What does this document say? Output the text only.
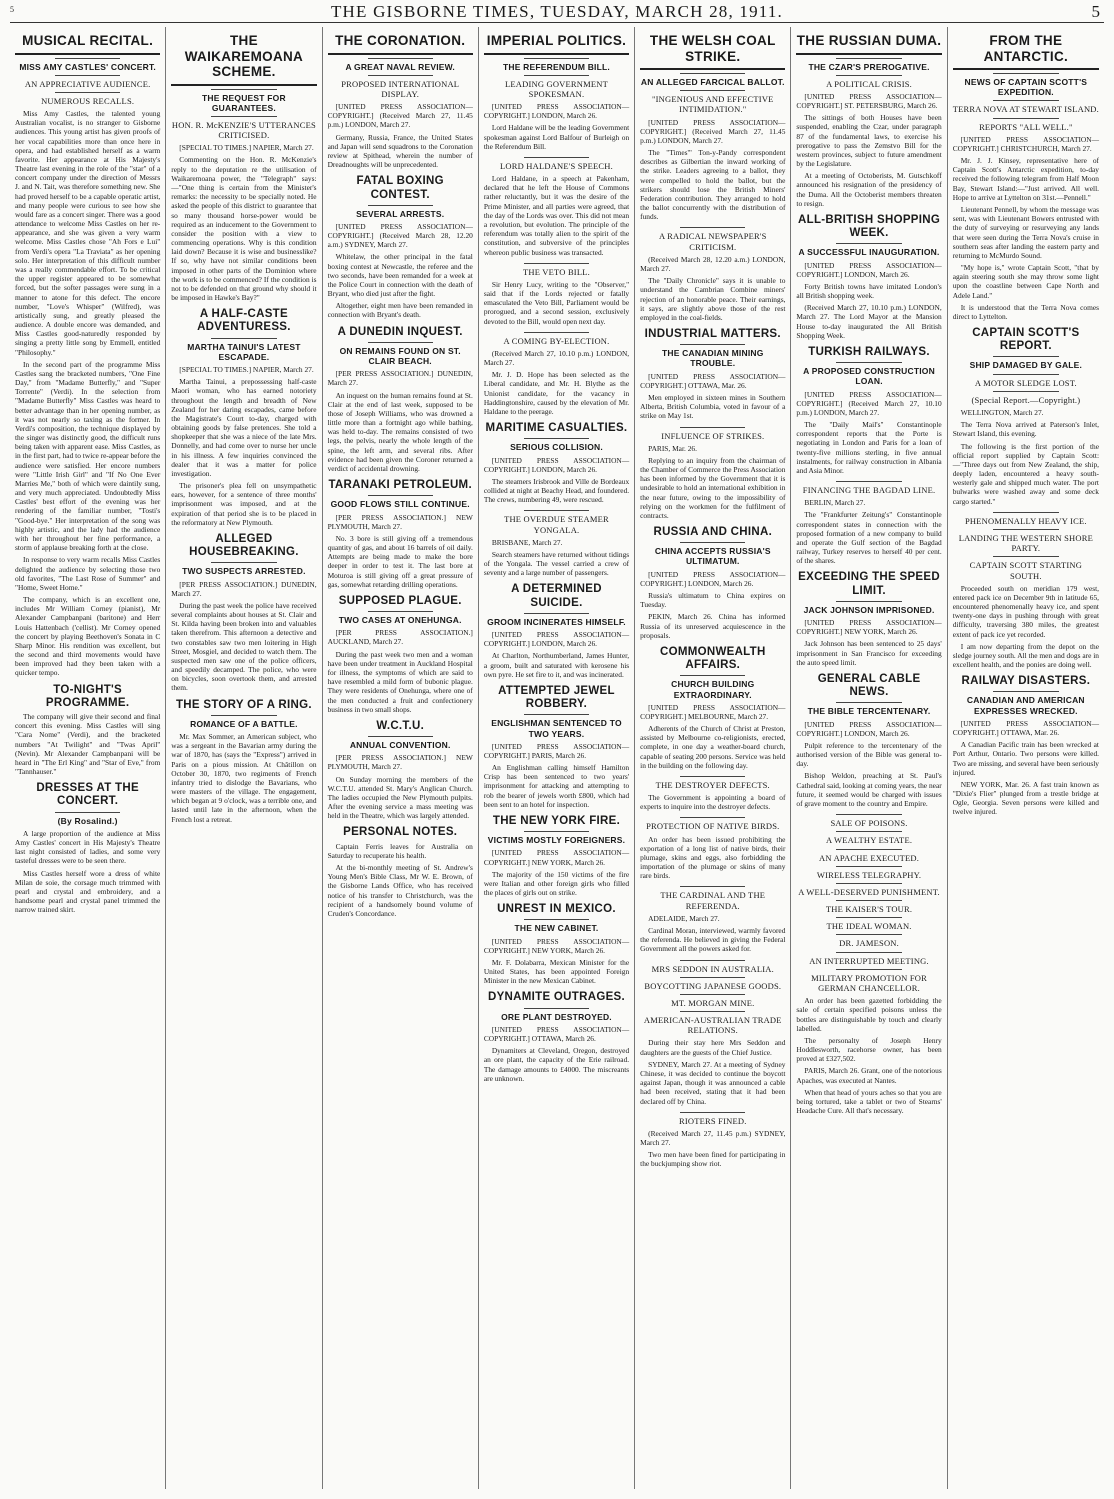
5	THE GISBORNE TIMES, TUESDAY, MARCH 28, 1911.	5
MUSICAL RECITAL.
MISS AMY CASTLES' CONCERT.
AN APPRECIATIVE AUDIENCE.
NUMEROUS RECALLS.

Miss Amy Castles, the talented young Australian vocalist, is no stranger to Gisborne audiences. This young artist has given proofs of her vocal capabilities more than once here in opera, and had established herself as a warm favorite. Her appearance at His Majesty's Theatre last evening in the role of the "star" of a concert company under the direction of Messrs J. and N. Tait, was therefore something new. She had proved herself to be a capable operatic artist, and many people were curious to see how she would fare as a concert singer. There was a good attendance to welcome Miss Castles on her re-appearance, and she was given a very warm welcome. Miss Castles chose "Ah Fors e Lui" from Verdi's opera "La Traviata" as her opening solo. Her interpretation of this difficult number was a really commendable effort. To be critical the upper register appeared to be somewhat forced, but the softer passages were sung in a manner to atone for this defect. The encore number, "Love's Whisper" (Wilfred), was artistically sung, and greatly pleased the audience. A double encore was demanded, and Miss Castles good-naturedly responded by singing a pretty little song by Emmell, entitled "Philosophy."

In the second part of the programme Miss Castles sang the bracketed numbers, "One Fine Day," from "Madame Butterfly," and "Super Torrente" (Verdi). In the selection from "Madame Butterfly" Miss Castles was heard to better advantage than in her opening number, as it was not nearly so taxing as the former. In Verdi's composition, the technique displayed by the singer was distinctly good, the difficult runs being taken with apparent ease. Miss Castles, as in the first part, had to twice re-appear before the audience were satisfied. Her encore numbers were "Little Irish Girl" and "If No One Ever Marries Me," both of which were daintily sung, and very much appreciated. Undoubtedly Miss Castles' best effort of the evening was her rendering of the familiar number, "Tosti's "Good-bye." Her interpretation of the song was highly artistic, and the lady had the audience with her throughout her fine performance, a storm of applause breaking forth at the close.

In response to very warm recalls Miss Castles delighted the audience by selecting those two old favorites, "The Last Rose of Summer" and "Home, Sweet Home."

The company, which is an excellent one, includes Mr William Corney (pianist), Mr Alexander Campbanpani (baritone) and Herr Louis Hattenbach ('cellist). Mr Corney opened the concert by playing Beethoven's Sonata in C Sharp Minor. His rendition was excellent, but the second and third movements would have been improved had they been taken with a quicker tempo.

TO-NIGHT'S PROGRAMME.

The company will give their second and final concert this evening. Miss Castles will sing "Cara Nome" (Verdi), and the bracketed numbers "At Twilight" and "Twas April" (Nevin). Mr Alexander Campbanpani will be heard in "The Erl King" and "Star of Eve," from "Tannhauser."

DRESSES AT THE CONCERT.
(By Rosalind.)

A large proportion of the audience at Miss Amy Castles' concert in His Majesty's Theatre last night consisted of ladies, and some very tasteful dresses were to be seen there.

Miss Castles herself wore a dress of white Milan de soie, the corsage much trimmed with pearl and crystal and embroidery, and a handsome pearl and crystal panel trimmed the narrow trained skirt.

THE WAIKAREMOANA SCHEME.
THE REQUEST FOR GUARANTEES.
HON. R. McKENZIE'S UTTERANCES CRITICISED.

[SPECIAL TO TIMES.] NAPIER, March 27.

Commenting on the Hon. R. McKenzie's reply to the deputation re the utilisation of Waikaremoana power, the "Telegraph" says:—"One thing is certain from the Minister's remarks: the necessity to be specially noted. He asked the people of this district to guarantee that so many thousand horse-power would be required as an inducement to the Government to consider the position with a view to commencing operations. Why is this condition laid down? Because it is wise and businesslike? If so, why have not similar conditions been imposed in other parts of the Dominion where the work is to be commenced? If the condition is not to be defended on that ground why should it be imposed in Hawke's Bay?"

A HALF-CASTE ADVENTURESS.
MARTHA TAINUI'S LATEST ESCAPADE.

[SPECIAL TO TIMES.] NAPIER, March 27.

Martha Tainui, a prepossessing half-caste Maori woman, who has earned notoriety throughout the length and breadth of New Zealand for her daring escapades, came before the Magistrate's Court to-day, charged with obtaining goods by false pretences. She told a shopkeeper that she was a niece of the late Mrs. Donnelly, and had come over to nurse her uncle in his illness. A few inquiries convinced the dealer that it was a matter for police investigation.

The prisoner's plea fell on unsympathetic ears, however, for a sentence of three months' imprisonment was imposed, and at the expiration of that period she is to be placed in the reformatory at New Plymouth.

ALLEGED HOUSEBREAKING.
TWO SUSPECTS ARRESTED.

[PER PRESS ASSOCIATION.] DUNEDIN, March 27.

During the past week the police have received several complaints about houses at St. Clair and St. Kilda having been broken into and valuables taken therefrom. This afternoon a detective and two constables saw two men loitering in High Street, Mosgiel, and decided to watch them. The suspected men saw one of the police officers, and speedily decamped. The police, who were on bicycles, soon overtook them, and arrested them.

THE STORY OF A RING.
ROMANCE OF A BATTLE.

Mr. Max Sommer, an American subject, who was a sergeant in the Bavarian army during the war of 1870, has (says the "Express") arrived in Paris on a pious mission. At Châtillon on October 30, 1870, two regiments of French infantry tried to dislodge the Bavarians, who were masters of the village. The engagement, which began at 9 o'clock, was a terrible one, and lasted until late in the afternoon, when the French lost a retreat.

THE CORONATION.
A GREAT NAVAL REVIEW.
PROPOSED INTERNATIONAL DISPLAY.

[UNITED PRESS ASSOCIATION—COPYRIGHT.] (Received March 27, 11.45 p.m.) LONDON, March 27.

Germany, Russia, France, the United States and Japan will send squadrons to the Coronation review at Spithead, wherein the number of Dreadnoughts will be unprecedented.

FATAL BOXING CONTEST.
SEVERAL ARRESTS.

[UNITED PRESS ASSOCIATION—COPYRIGHT.] (Received March 28, 12.20 a.m.) SYDNEY, March 27.

Whitelaw, the other principal in the fatal boxing contest at Newcastle, the referee and the two seconds, have been remanded for a week at the Police Court in connection with the death of Bryant, who died just after the fight.

Altogether, eight men have been remanded in connection with Bryant's death.

A DUNEDIN INQUEST.
ON REMAINS FOUND ON ST. CLAIR BEACH.

[PER PRESS ASSOCIATION.] DUNEDIN, March 27.

An inquest on the human remains found at St. Clair at the end of last week, supposed to be those of Joseph Williams, who was drowned a little more than a fortnight ago while bathing, was held to-day. The remains consisted of two legs, the pelvis, nearly the whole length of the spine, the left arm, and several ribs. After evidence had been given the Coroner returned a verdict of accidental drowning.

TARANAKI PETROLEUM.
GOOD FLOWS STILL CONTINUE.

[PER PRESS ASSOCIATION.] NEW PLYMOUTH, March 27.

No. 3 bore is still giving off a tremendous quantity of gas, and about 16 barrels of oil daily. Attempts are being made to make the bore deeper in order to test it. The last bore at Moturoa is still giving off a great pressure of gas, somewhat retarding drilling operations.

SUPPOSED PLAGUE.
TWO CASES AT ONEHUNGA.

[PER PRESS ASSOCIATION.] AUCKLAND, March 27.

During the past week two men and a woman have been under treatment in Auckland Hospital for illness, the symptoms of which are said to have resembled a mild form of bubonic plague. They were residents of Onehunga, where one of the men conducted a fruit and confectionery business in two small shops.

W.C.T.U.
ANNUAL CONVENTION.

[PER PRESS ASSOCIATION.] NEW PLYMOUTH, March 27.

On Sunday morning the members of the W.C.T.U. attended St. Mary's Anglican Church. The ladies occupied the New Plymouth pulpits. After the evening service a mass meeting was held in the Theatre, which was largely attended.

PERSONAL NOTES.

Captain Ferris leaves for Australia on Saturday to recuperate his health.

At the bi-monthly meeting of St. Andrew's Young Men's Bible Class, Mr W. E. Brown, of the Gisborne Lands Office, who has received notice of his transfer to Christchurch, was the recipient of a handsomely bound volume of Cruden's Concordance.

IMPERIAL POLITICS.
THE REFERENDUM BILL.
LEADING GOVERNMENT SPOKESMAN.

[UNITED PRESS ASSOCIATION—COPYRIGHT.] LONDON, March 26.

Lord Haldane will be the leading Government spokesman against Lord Balfour of Burleigh on the Referendum Bill.

LORD HALDANE'S SPEECH.

Lord Haldane, in a speech at Pakenham, declared that he left the House of Commons rather reluctantly, but it was the desire of the Prime Minister, and all parties were agreed, that the day of the Lords was over. This did not mean a revolution, but evolution. The principle of the referendum was totally alien to the spirit of the constitution, and subversive of the principles whereon public business was transacted.

THE VETO BILL.

Sir Henry Lucy, writing to the "Observer," said that if the Lords rejected or fatally emasculated the Veto Bill, Parliament would be prorogued, and a second session, exclusively devoted to the Bill, would open next day.

A COMING BY-ELECTION.

(Received March 27, 10.10 p.m.) LONDON, March 27.

Mr. J. D. Hope has been selected as the Liberal candidate, and Mr. H. Blythe as the Unionist candidate, for the vacancy in Haddingtonshire, caused by the elevation of Mr. Haldane to the peerage.

MARITIME CASUALTIES.
SERIOUS COLLISION.

[UNITED PRESS ASSOCIATION—COPYRIGHT.] LONDON, March 26.

The steamers Irisbrook and Ville de Bordeaux collided at night at Beachy Head, and foundered. The crews, numbering 49, were rescued.

THE OVERDUE STEAMER YONGALA.

BRISBANE, March 27.

Search steamers have returned without tidings of the Yongala. The vessel carried a crew of seventy and a large number of passengers.

A DETERMINED SUICIDE.
GROOM INCINERATES HIMSELF.

[UNITED PRESS ASSOCIATION—COPYRIGHT.] LONDON, March 26.

At Charlton, Northumberland, James Hunter, a groom, built and saturated with kerosene his own pyre. He set fire to it, and was incinerated.

ATTEMPTED JEWEL ROBBERY.
ENGLISHMAN SENTENCED TO TWO YEARS.

[UNITED PRESS ASSOCIATION—COPYRIGHT.] PARIS, March 26.

An Englishman calling himself Hamilton Crisp has been sentenced to two years' imprisonment for attacking and attempting to rob the bearer of jewels worth £800, which had been sent to an hotel for inspection.

THE NEW YORK FIRE.
VICTIMS MOSTLY FOREIGNERS.

[UNITED PRESS ASSOCIATION—COPYRIGHT.] NEW YORK, March 26.

The majority of the 150 victims of the fire were Italian and other foreign girls who filled the places of girls out on strike.

UNREST IN MEXICO.
THE NEW CABINET.

[UNITED PRESS ASSOCIATION—COPYRIGHT.] NEW YORK, March 26.

Mr. F. Dolabarra, Mexican Minister for the United States, has been appointed Foreign Minister in the new Mexican Cabinet.

DYNAMITE OUTRAGES.
ORE PLANT DESTROYED.

[UNITED PRESS ASSOCIATION—COPYRIGHT.] OTTAWA, March 26.

Dynamiters at Cleveland, Oregon, destroyed an ore plant, the capacity of the Erie railroad. The damage amounts to £4000. The miscreants are unknown.

THE WELSH COAL STRIKE.
AN ALLEGED FARCICAL BALLOT.
"INGENIOUS AND EFFECTIVE INTIMIDATION."

[UNITED PRESS ASSOCIATION—COPYRIGHT.] (Received March 27, 11.45 p.m.) LONDON, March 27.

The "Times'" Ton-y-Pandy correspondent describes as Gilbertian the inward working of the strike. Leaders agreeing to a ballot, they were compelled to hold the ballot, but the strikers should lose the British Miners' Federation contribution. They arranged to hold the ballot concurrently with the distribution of funds.

A RADICAL NEWSPAPER'S CRITICISM.

(Received March 28, 12.20 a.m.) LONDON, March 27.

The "Daily Chronicle" says it is unable to understand the Cambrian Combine miners' rejection of an honorable peace. Their earnings, it says, are slightly above those of the rest employed in the coal-fields.

INDUSTRIAL MATTERS.
THE CANADIAN MINING TROUBLE.

[UNITED PRESS ASSOCIATION—COPYRIGHT.] OTTAWA, Mar. 26.

Men employed in sixteen mines in Southern Alberta, British Columbia, voted in favour of a strike on May 1st.

INFLUENCE OF STRIKES.

PARIS, Mar. 26.

Replying to an inquiry from the chairman of the Chamber of Commerce the Press Association has been informed by the Government that it is undesirable to hold an international exhibition in the near future, owing to the impossibility of relying on the workmen for the fulfilment of contracts.

RUSSIA AND CHINA.
CHINA ACCEPTS RUSSIA'S ULTIMATUM.

[UNITED PRESS ASSOCIATION—COPYRIGHT.] LONDON, March 26.

Russia's ultimatum to China expires on Tuesday.

PEKIN, March 26. China has informed Russia of its unreserved acquiescence in the proposals.

COMMONWEALTH AFFAIRS.
CHURCH BUILDING EXTRAORDINARY.

[UNITED PRESS ASSOCIATION—COPYRIGHT.] MELBOURNE, March 27.

Adherents of the Church of Christ at Preston, assisted by Melbourne co-religionists, erected, complete, in one day a weather-board church, capable of seating 200 persons. Service was held in the building on the following day.

THE DESTROYER DEFECTS.

The Government is appointing a board of experts to inquire into the destroyer defects.

PROTECTION OF NATIVE BIRDS.

An order has been issued prohibiting the exportation of a long list of native birds, their plumage, skins and eggs, also forbidding the importation of the plumage or skins of many rare birds.

THE CARDINAL AND THE REFERENDA.

ADELAIDE, March 27.

Cardinal Moran, interviewed, warmly favored the referenda. He believed in giving the Federal Government all the powers asked for.

MRS SEDDON IN AUSTRALIA.
BOYCOTTING JAPANESE GOODS.
MT. MORGAN MINE.
AMERICAN-AUSTRALIAN TRADE RELATIONS.

During their stay here Mrs Seddon and daughters are the guests of the Chief Justice.

SYDNEY, March 27. At a meeting of Sydney Chinese, it was decided to continue the boycott against Japan, though it was announced a cable had been received, stating that it had been declared off by China.

RIOTERS FINED.

(Received March 27, 11.45 p.m.) SYDNEY, March 27.

Two men have been fined for participating in the buckjumping show riot.

THE RUSSIAN DUMA.
THE CZAR'S PREROGATIVE.
A POLITICAL CRISIS.

[UNITED PRESS ASSOCIATION—COPYRIGHT.] ST. PETERSBURG, March 26.

The sittings of both Houses have been suspended, enabling the Czar, under paragraph 87 of the fundamental laws, to exercise his prerogative to pass the Zemstvo Bill for the western provinces, subject to future amendment by the Legislature.

At a meeting of Octoberists, M. Gutschkoff announced his resignation of the presidency of the Duma. All the Octoberist members threaten to resign.

ALL-BRITISH SHOPPING WEEK.
A SUCCESSFUL INAUGURATION.

[UNITED PRESS ASSOCIATION—COPYRIGHT.] LONDON, March 26.

Forty British towns have imitated London's all British shopping week.

(Received March 27, 10.10 p.m.) LONDON, March 27. The Lord Mayor at the Mansion House to-day inaugurated the All British Shopping Week.

TURKISH RAILWAYS.
A PROPOSED CONSTRUCTION LOAN.

[UNITED PRESS ASSOCIATION—COPYRIGHT.] (Received March 27, 10.10 p.m.) LONDON, March 27.

The "Daily Mail's" Constantinople correspondent reports that the Porte is negotiating in London and Paris for a loan of twenty-five millions sterling, in five annual instalments, for railway construction in Albania and Asia Minor.

FINANCING THE BAGDAD LINE.

BERLIN, March 27.

The "Frankfurter Zeitung's" Constantinople correspondent states in connection with the proposed formation of a new company to build and operate the Gulf section of the Bagdad railway, Turkey reserves to herself 40 per cent. of the shares.

EXCEEDING THE SPEED LIMIT.
JACK JOHNSON IMPRISONED.

[UNITED PRESS ASSOCIATION—COPYRIGHT.] NEW YORK, March 26.

Jack Johnson has been sentenced to 25 days' imprisonment in San Francisco for exceeding the auto speed limit.

GENERAL CABLE NEWS.
THE BIBLE TERCENTENARY.

[UNITED PRESS ASSOCIATION—COPYRIGHT.] LONDON, March 26.

Pulpit reference to the tercentenary of the authorised version of the Bible was general to-day.

Bishop Weldon, preaching at St. Paul's Cathedral said, looking at coming years, the near future, it seemed would be charged with issues of grave moment to the country and Empire.

SALE OF POISONS.
A WEALTHY ESTATE.
AN APACHE EXECUTED.
WIRELESS TELEGRAPHY.
A WELL-DESERVED PUNISHMENT.
THE KAISER'S TOUR.
THE IDEAL WOMAN.
DR. JAMESON.
AN INTERRUPTED MEETING.
MILITARY PROMOTION FOR GERMAN CHANCELLOR.

An order has been gazetted forbidding the sale of certain specified poisons unless the bottles are distinguishable by touch and clearly labelled.

The personalty of Joseph Henry Hoddlesworth, racehorse owner, has been proved at £327,502.

PARIS, March 26. Grant, one of the notorious Apaches, was executed at Nantes.

When that head of yours aches so that you are being tortured, take a tablet or two of Stearns' Headache Cure. All that's necessary.

FROM THE ANTARCTIC.
NEWS OF CAPTAIN SCOTT'S EXPEDITION.
TERRA NOVA AT STEWART ISLAND.
REPORTS "ALL WELL."

[UNITED PRESS ASSOCIATION—COPYRIGHT.] CHRISTCHURCH, March 27.

Mr. J. J. Kinsey, representative here of Captain Scott's Antarctic expedition, to-day received the following telegram from Half Moon Bay, Stewart Island:—"Just arrived. All well. Hope to arrive at Lyttelton on 31st.—Pennell."

Lieutenant Pennell, by whom the message was sent, was with Lieutenant Bowers entrusted with the duty of surveying or resurveying any lands that were seen during the Terra Nova's cruise in southern seas after landing the eastern party and returning to McMurdo Sound.

"My hope is," wrote Captain Scott, "that by again steering south she may throw some light upon the coastline between Cape North and Adele Land."

It is understood that the Terra Nova comes direct to Lyttelton.

CAPTAIN SCOTT'S REPORT.
SHIP DAMAGED BY GALE.
A MOTOR SLEDGE LOST.
(Special Report.—Copyright.)

WELLINGTON, March 27.

The Terra Nova arrived at Paterson's Inlet, Stewart Island, this evening.

The following is the first portion of the official report supplied by Captain Scott:—"Three days out from New Zealand, the ship, deeply laden, encountered a heavy south-westerly gale and shipped much water. The port bulwarks were washed away and some deck cargo started."

PHENOMENALLY HEAVY ICE.
LANDING THE WESTERN SHORE PARTY.
CAPTAIN SCOTT STARTING SOUTH.

Proceeded south on meridian 179 west, entered pack ice on December 9th in latitude 65, encountered phenomenally heavy ice, and spent twenty-one days in pushing through with great difficulty, traversing 380 miles, the greatest extent of pack ice yet recorded.

I am now departing from the depot on the sledge journey south. All the men and dogs are in excellent health, and the ponies are doing well.

RAILWAY DISASTERS.
CANADIAN AND AMERICAN EXPRESSES WRECKED.

[UNITED PRESS ASSOCIATION—COPYRIGHT.] OTTAWA, Mar. 26.

A Canadian Pacific train has been wrecked at Port Arthur, Ontario. Two persons were killed. Two are missing, and several have been seriously injured.

NEW YORK, Mar. 26. A fast train known as "Dixie's Flier" plunged from a trestle bridge at Ogle, Georgia. Seven persons were killed and twelve injured.
